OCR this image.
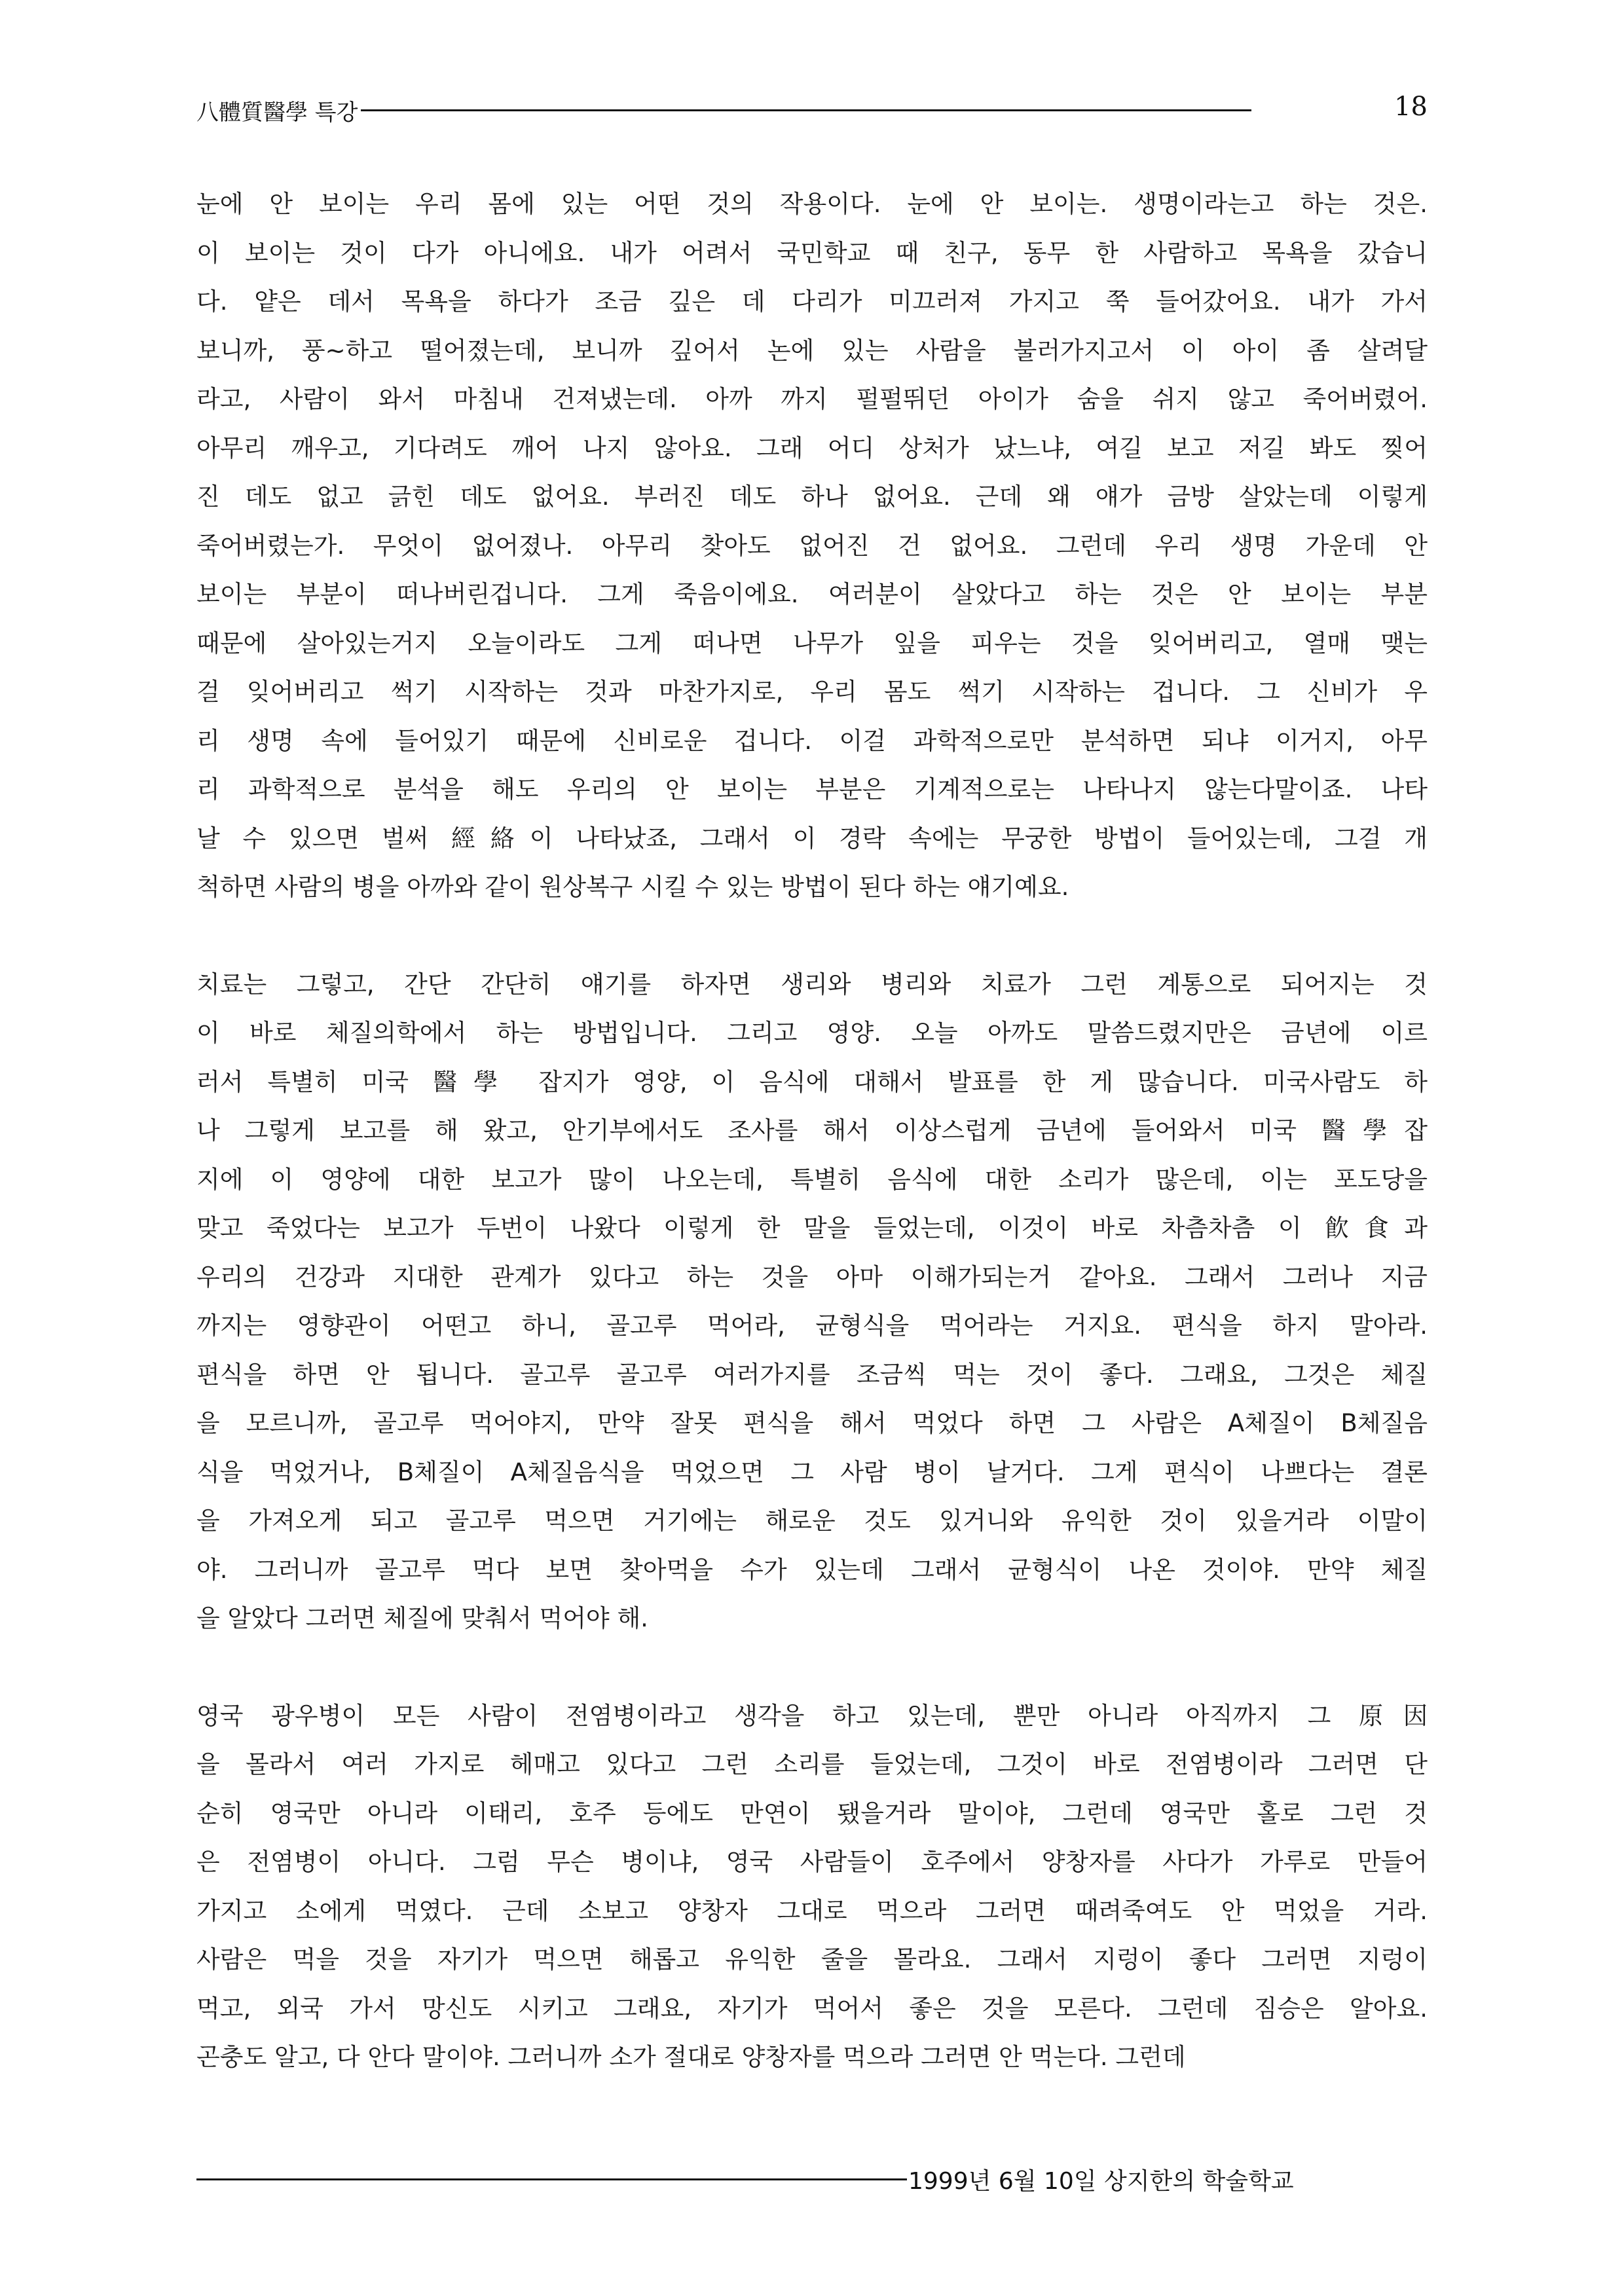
八體質醫學 특강	18
눈에 안 보이는 우리 몸에 있는 어떤 것의 작용이다. 눈에 안 보이는. 생명이라는고 하는 것은.
이 보이는 것이 다가 아니에요. 내가 어려서 국민학교 때 친구, 동무 한 사람하고 목욕을 갔습니
다. 얕은 데서 목욕을 하다가 조금 깊은 데 다리가 미끄러져 가지고 쭉 들어갔어요. 내가 가서
보니까, 풍~하고 떨어졌는데, 보니까 깊어서 논에 있는 사람을 불러가지고서 이 아이 좀 살려달
라고, 사람이 와서 마침내 건져냈는데. 아까 까지 펄펄뛰던 아이가 숨을 쉬지 않고 죽어버렸어.
아무리 깨우고, 기다려도 깨어 나지 않아요. 그래 어디 상처가 났느냐, 여길 보고 저길 봐도 찢어
진 데도 없고 긁힌 데도 없어요. 부러진 데도 하나 없어요. 근데 왜 얘가 금방 살았는데 이렇게
죽어버렸는가. 무엇이 없어졌나. 아무리 찾아도 없어진 건 없어요. 그런데 우리 생명 가운데 안
보이는 부분이 떠나버린겁니다. 그게 죽음이에요. 여러분이 살았다고 하는 것은 안 보이는 부분
때문에 살아있는거지 오늘이라도 그게 떠나면 나무가 잎을 피우는 것을 잊어버리고, 열매 맺는
걸 잊어버리고 썩기 시작하는 것과 마찬가지로, 우리 몸도 썩기 시작하는 겁니다. 그 신비가 우
리 생명 속에 들어있기 때문에 신비로운 겁니다. 이걸 과학적으로만 분석하면 되냐 이거지, 아무
리 과학적으로 분석을 해도 우리의 안 보이는 부분은 기계적으로는 나타나지 않는다말이죠. 나타
날 수 있으면 벌써 經絡이 나타났죠, 그래서 이 경락 속에는 무궁한 방법이 들어있는데, 그걸 개
척하면 사람의 병을 아까와 같이 원상복구 시킬 수 있는 방법이 된다 하는 얘기예요.
치료는 그렇고, 간단 간단히 얘기를 하자면 생리와 병리와 치료가 그런 계통으로 되어지는 것
이 바로 체질의학에서 하는 방법입니다. 그리고 영양. 오늘 아까도 말씀드렸지만은 금년에 이르
러서 특별히 미국 醫學 잡지가 영양, 이 음식에 대해서 발표를 한 게 많습니다. 미국사람도 하
나 그렇게 보고를 해 왔고, 안기부에서도 조사를 해서 이상스럽게 금년에 들어와서 미국 醫學잡
지에 이 영양에 대한 보고가 많이 나오는데, 특별히 음식에 대한 소리가 많은데, 이는 포도당을
맞고 죽었다는 보고가 두번이 나왔다 이렇게 한 말을 들었는데, 이것이 바로 차츰차츰 이 飮食과
우리의 건강과 지대한 관계가 있다고 하는 것을 아마 이해가되는거 같아요. 그래서 그러나 지금
까지는 영향관이 어떤고 하니, 골고루 먹어라, 균형식을 먹어라는 거지요. 편식을 하지 말아라.
편식을 하면 안 됩니다. 골고루 골고루 여러가지를 조금씩 먹는 것이 좋다. 그래요, 그것은 체질
을 모르니까, 골고루 먹어야지, 만약 잘못 편식을 해서 먹었다 하면 그 사람은 A체질이 B체질음
식을 먹었거나, B체질이 A체질음식을 먹었으면 그 사람 병이 날거다. 그게 편식이 나쁘다는 결론
을 가져오게 되고 골고루 먹으면 거기에는 해로운 것도 있거니와 유익한 것이 있을거라 이말이
야. 그러니까 골고루 먹다 보면 찾아먹을 수가 있는데 그래서 균형식이 나온 것이야. 만약 체질
을 알았다 그러면 체질에 맞춰서 먹어야 해.
영국 광우병이 모든 사람이 전염병이라고 생각을 하고 있는데, 뿐만 아니라 아직까지 그 原因
을 몰라서 여러 가지로 헤매고 있다고 그런 소리를 들었는데, 그것이 바로 전염병이라 그러면 단
순히 영국만 아니라 이태리, 호주 등에도 만연이 됐을거라 말이야, 그런데 영국만 홀로 그런 것
은 전염병이 아니다. 그럼 무슨 병이냐, 영국 사람들이 호주에서 양창자를 사다가 가루로 만들어
가지고 소에게 먹였다. 근데 소보고 양창자 그대로 먹으라 그러면 때려죽여도 안 먹었을 거라.
사람은 먹을 것을 자기가 먹으면 해롭고 유익한 줄을 몰라요. 그래서 지렁이 좋다 그러면 지렁이
먹고, 외국 가서 망신도 시키고 그래요, 자기가 먹어서 좋은 것을 모른다. 그런데 짐승은 알아요.
곤충도 알고, 다 안다 말이야. 그러니까 소가 절대로 양창자를 먹으라 그러면 안 먹는다. 그런데
1999년 6월 10일 상지한의 학술학교
